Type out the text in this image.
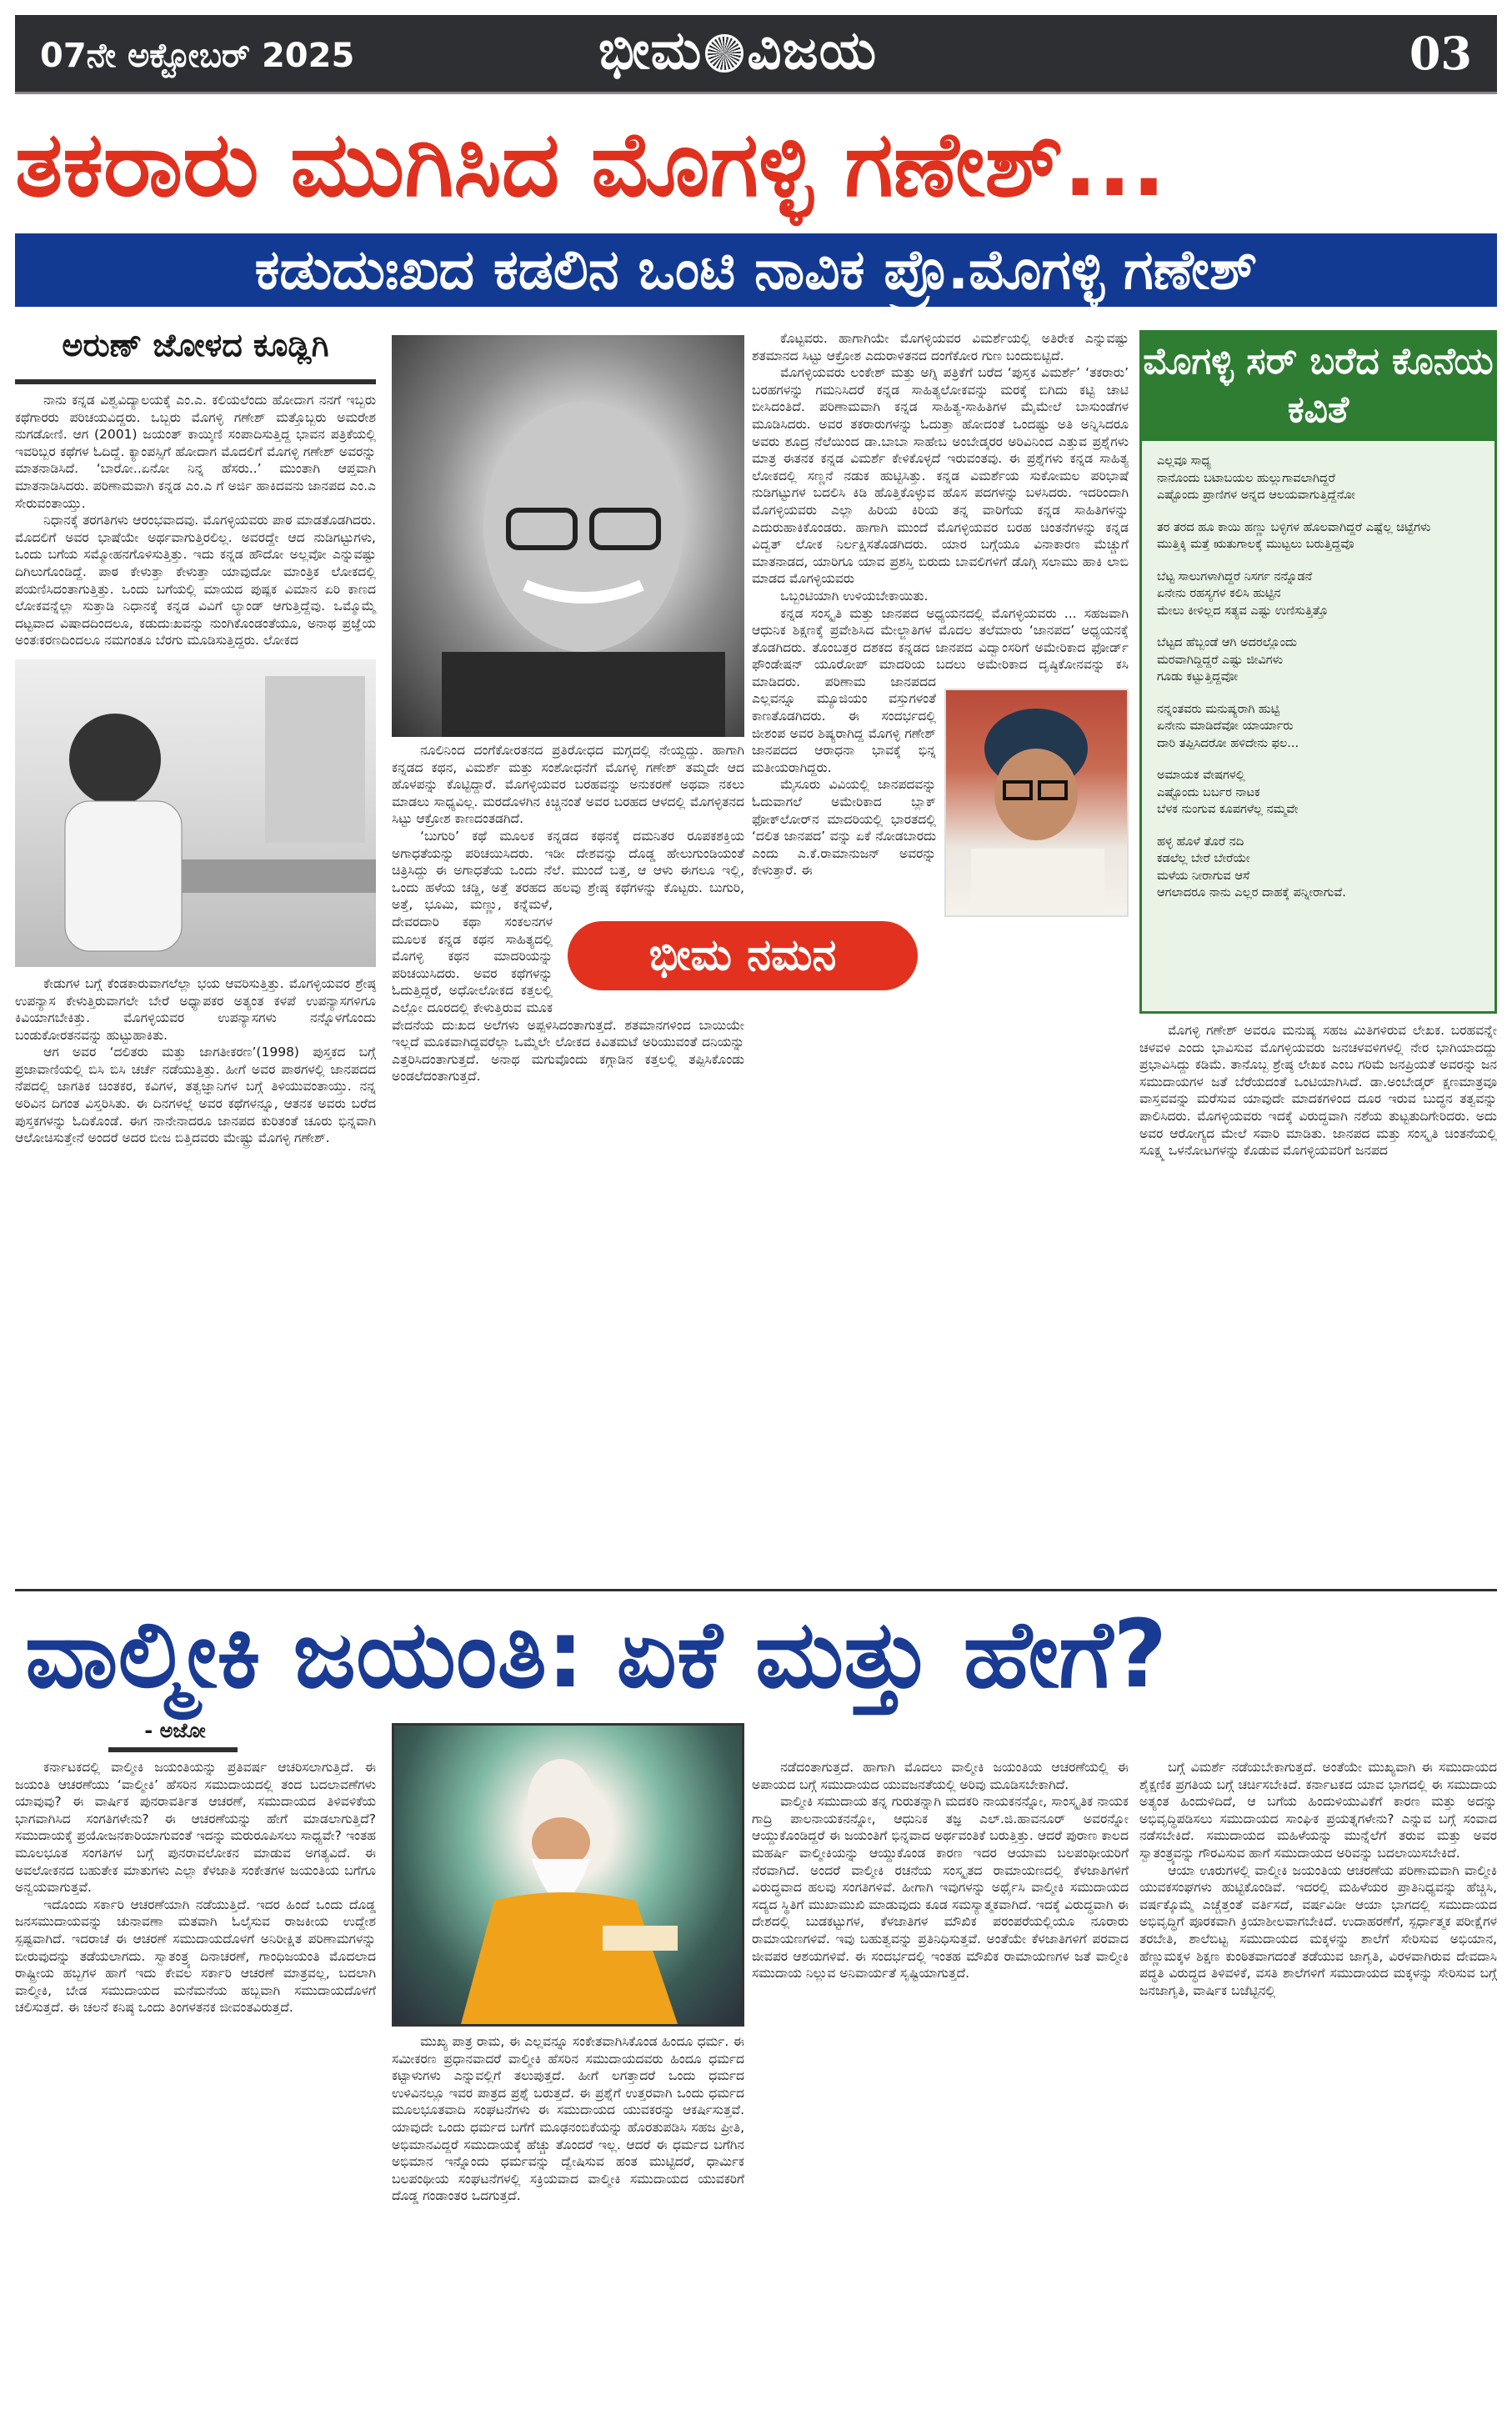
07ನೇ ಅಕ್ಟೋಬರ್ 2025	ಭೀಮ ವಿಜಯ	03
ತಕರಾರು ಮುಗಿಸಿದ ಮೊಗಳ್ಳಿ ಗಣೇಶ್...
ಕಡುದುಃಖದ ಕಡಲಿನ ಒಂಟಿ ನಾವಿಕ ಪ್ರೊ.ಮೊಗಳ್ಳಿ ಗಣೇಶ್
ಅರುಣ್ ಜೋಳದ ಕೂಡ್ಲಿಗಿ

ನಾನು ಕನ್ನಡ ವಿಶ್ವವಿದ್ಯಾಲಯಕ್ಕೆ ಎಂ.ಎ. ಕಲಿಯಲೆಂದು ಹೋದಾಗ ನನಗೆ ಇಬ್ಬರು ಕಥೆಗಾರರು ಪರಿಚಯವಿದ್ದರು. ಒಬ್ಬರು ಮೊಗಳ್ಳಿ ಗಣೇಶ್ ಮತ್ತೊಬ್ಬರು ಅಮರೇಶ ನುಗಡೋಣಿ. ಆಗ (2001) ಜಯಂತ್ ಕಾಯ್ಕಿಣಿ ಸಂಪಾದಿಸುತ್ತಿದ್ದ ಭಾವನ ಪತ್ರಿಕೆಯಲ್ಲಿ ಇವರಿಬ್ಬರ ಕಥೆಗಳ ಓದಿದ್ದೆ. ಕ್ಯಾಂಪಸ್ಸಿಗೆ ಹೋದಾಗ ಮೊದಲಿಗೆ ಮೊಗಳ್ಳಿ ಗಣೇಶ್ ಅವರನ್ನು ಮಾತನಾಡಿಸಿದೆ. ‘ಬಾರೋ..ಏನೋ ನಿನ್ನ ಹೆಸರು..’ ಮುಂತಾಗಿ ಆಪ್ತವಾಗಿ ಮಾತನಾಡಿಸಿದರು. ಪರಿಣಾಮವಾಗಿ ಕನ್ನಡ ಎಂ.ಎ ಗೆ ಅರ್ಜಿ ಹಾಕಿದವನು ಜಾನಪದ ಎಂ.ಎ ಸೇರುವಂತಾಯ್ತು.

ನಿಧಾನಕ್ಕೆ ತರಗತಿಗಳು ಆರಂಭವಾದವು. ಮೊಗಳ್ಳಿಯವರು ಪಾಠ ಮಾಡತೊಡಗಿದರು. ಮೊದಲಿಗೆ ಅವರ ಭಾಷೆಯೇ ಅರ್ಥವಾಗುತ್ತಿರಲಿಲ್ಲ. ಅವರದ್ದೇ ಆದ ನುಡಿಗಟ್ಟುಗಳು, ಒಂದು ಬಗೆಯ ಸಮ್ಮೋಹನಗೊಳಿಸುತ್ತಿತ್ತು. ಇದು ಕನ್ನಡ ಹೌದೋ ಅಲ್ಲವೋ ಎನ್ನುವಷ್ಟು ದಿಗಿಲುಗೊಂಡಿದ್ದೆ. ಪಾಠ ಕೇಳುತ್ತಾ ಕೇಳುತ್ತಾ ಯಾವುದೋ ಮಾಂತ್ರಿಕ ಲೋಕದಲ್ಲಿ ಪಯಣಿಸಿದಂತಾಗುತ್ತಿತ್ತು. ಒಂದು ಬಗೆಯಲ್ಲಿ ಮಾಯದ ಪುಷ್ಪಕ ವಿಮಾನ ಏರಿ ಕಾಣದ ಲೋಕವನ್ನೆಲ್ಲಾ ಸುತ್ತಾಡಿ ನಿಧಾನಕ್ಕೆ ಕನ್ನಡ ವಿವಿಗೆ ಲ್ಯಾಂಡ್ ಆಗುತ್ತಿದ್ದೆವು. ಒಮ್ಮೊಮ್ಮೆ ದಟ್ಟವಾದ ವಿಷಾದದಿಂದಲೂ, ಕಡುದುಃಖವನ್ನು ನುಂಗಿಕೊಂಡಂತೆಯೂ, ಅನಾಥ ಪ್ರಜ್ಞೆಯ ಅಂತಃಕರಣದಿಂದಲೂ ನಮಗಂತೂ ಬೆರಗು ಮೂಡಿಸುತ್ತಿದ್ದರು. ಲೋಕದ

ಕೇಡುಗಳ ಬಗ್ಗೆ ಕೆಂಡಕಾರುವಾಗಲೆಲ್ಲಾ ಭಯ ಆವರಿಸುತ್ತಿತ್ತು. ಮೊಗಳ್ಳಿಯವರ ಶ್ರೇಷ್ಠ ಉಪನ್ಯಾಸ ಕೇಳುತ್ತಿರುವಾಗಲೇ ಬೇರೆ ಅಧ್ಯಾಪಕರ ಅತ್ಯಂತ ಕಳಪೆ ಉಪನ್ಯಾಸಗಳಿಗೂ ಕಿವಿಯಾಗಬೇಕಿತ್ತು. ಮೊಗಳ್ಳಿಯವರ ಉಪನ್ಯಾಸಗಳು ನನ್ನೊಳಗೊಂದು ಬಂಡುಕೋರತನವನ್ನು ಹುಟ್ಟುಹಾಕಿತು.

ಆಗ ಅವರ ‘ದಲಿತರು ಮತ್ತು ಜಾಗತೀಕರಣ’(1998) ಪುಸ್ತಕದ ಬಗ್ಗೆ ಪ್ರಜಾವಾಣಿಯಲ್ಲಿ ಬಿಸಿ ಬಿಸಿ ಚರ್ಚೆ ನಡೆಯುತ್ತಿತ್ತು. ಹೀಗೆ ಅವರ ಪಾಠಗಳಲ್ಲಿ ಜಾನಪದದ ನೆಪದಲ್ಲಿ ಜಾಗತಿಕ ಚಿಂತಕರ, ಕವಿಗಳ, ತತ್ವಜ್ಞಾನಿಗಳ ಬಗ್ಗೆ ತಿಳಿಯುವಂತಾಯ್ತು. ನನ್ನ ಅರಿವಿನ ದಿಗಂತ ವಿಸ್ತರಿಸಿತು. ಈ ದಿನಗಳಲ್ಲೆ ಅವರ ಕಥೆಗಳನ್ನೂ, ಆತನಕ ಅವರು ಬರೆದ ಪುಸ್ತಕಗಳನ್ನು ಓದಿಕೊಂಡೆ. ಈಗ ನಾನೇನಾದರೂ ಜಾನಪದ ಕುರಿತಂತೆ ಚೂರು ಭಿನ್ನವಾಗಿ ಆಲೋಚಿಸುತ್ತೇನೆ ಅಂದರೆ ಅದರ ಬೀಜ ಬಿತ್ತಿದವರು ಮೇಷ್ಟ್ರು ಮೊಗಳ್ಳಿ ಗಣೇಶ್.

ನೂಲಿನಿಂದ ದಂಗೆಕೋರತನದ ಪ್ರತಿರೋಧದ ಮಗ್ಗದಲ್ಲಿ ನೇಯ್ದದ್ದು. ಹಾಗಾಗಿ ಕನ್ನಡದ ಕಥನ, ವಿಮರ್ಶೆ ಮತ್ತು ಸಂಶೋಧನೆಗೆ ಮೊಗಳ್ಳಿ ಗಣೇಶ್ ತಮ್ಮದೇ ಆದ ಹೊಳಪನ್ನು ಕೊಟ್ಟಿದ್ದಾರೆ. ಮೊಗಳ್ಳಿಯವರ ಬರಹವನ್ನು ಅನುಕರಣೆ ಅಥವಾ ನಕಲು ಮಾಡಲು ಸಾಧ್ಯವಿಲ್ಲ. ಮರದೊಳಗಿನ ಕಿಚ್ಚಿನಂತೆ ಅವರ ಬರಹದ ಆಳದಲ್ಲಿ ಮೊಗಳ್ಳಿತನದ ಸಿಟ್ಟು ಆಕ್ರೋಶ ಕಾಣದಂತಡಗಿದೆ.

‘ಬುಗುರಿ’ ಕಥೆ ಮೂಲಕ ಕನ್ನಡದ ಕಥನಕ್ಕೆ ದಮನಿತರ ರೂಪಕಶಕ್ತಿಯ ಅಗಾಧತೆಯನ್ನು ಪರಿಚಯಿಸಿದರು. ಇಡೀ ದೇಶವನ್ನು ದೊಡ್ಡ ಹೇಲುಗುಂಡಿಯಂತೆ ಚಿತ್ರಿಸಿದ್ದು ಈ ಅಗಾಧತೆಯ ಒಂದು ನೆಲೆ. ಮುಂದೆ ಬತ್ತ, ಆ ಆಳು ಈಗಲೂ ಇಲ್ಲಿ, ಒಂದು ಹಳೆಯ ಚಡ್ಡಿ, ಅತ್ತೆ ತರಹದ ಹಲವು ಶ್ರೇಷ್ಠ ಕಥೆಗಳನ್ನು ಕೊಟ್ಟರು. ಬುಗುರಿ, ಅತ್ತೆ, ಭೂಮಿ, ಮಣ್ಣು, ಕನ್ನೆಮಳೆ, ದೇವರದಾರಿ ಕಥಾ ಸಂಕಲನಗಳ ಮೂಲಕ ಕನ್ನಡ ಕಥನ ಸಾಹಿತ್ಯದಲ್ಲಿ ಮೊಗಳ್ಳಿ ಕಥನ ಮಾದರಿಯನ್ನು ಪರಿಚಯಿಸಿದರು. ಅವರ ಕಥೆಗಳನ್ನು ಓದುತ್ತಿದ್ದರೆ, ಅಧೋಲೋಕದ ಕತ್ತಲಲ್ಲಿ ಎಲ್ಲೋ ದೂರದಲ್ಲಿ ಕೇಳುತ್ತಿರುವ ಮೂಕ ವೇದನೆಯ ದುಃಖದ ಅಲೆಗಳು ಅಪ್ಪಳಿಸಿದಂತಾಗುತ್ತದೆ. ಶತಮಾನಗಳಿಂದ ಬಾಯಿಯೇ ಇಲ್ಲದೆ ಮೂಕವಾಗಿದ್ದವರೆಲ್ಲಾ ಒಮ್ಮೆಲೇ ಲೋಕದ ಕಿವಿತಮಟೆ ಅರಿಯುವಂತೆ ದನಿಯನ್ನು ಎತ್ತರಿಸಿದಂತಾಗುತ್ತದೆ. ಅನಾಥ ಮಗುವೊಂದು ಕಗ್ಗಾಡಿನ ಕತ್ತಲಲ್ಲಿ ತಪ್ಪಿಸಿಕೊಂಡು ಅಂಡಲೆದಂತಾಗುತ್ತದೆ.

ಕೊಟ್ಟವರು. ಹಾಗಾಗಿಯೇ ಮೊಗಳ್ಳಿಯವರ ವಿಮರ್ಶೆಯಲ್ಲಿ ಅತಿರೇಕ ಎನ್ನುವಷ್ಟು ಶತಮಾನದ ಸಿಟ್ಟು ಆಕ್ರೋಶ ಎದುರಾಳಿತನದ ದಂಗೆಕೋರ ಗುಣ ಬಂದುಬಿಟ್ಟಿದೆ.

ಮೊಗಳ್ಳಿಯವರು ಲಂಕೇಶ್ ಮತ್ತು ಅಗ್ನಿ ಪತ್ರಿಕೆಗೆ ಬರೆದ ‘ಪುಸ್ತಕ ವಿಮರ್ಶೆ’ ‘ತಕರಾರು’ ಬರಹಗಳನ್ನು ಗಮನಿಸಿದರೆ ಕನ್ನಡ ಸಾಹಿತ್ಯಲೋಕವನ್ನು ಮರಕ್ಕೆ ಬಿಗಿದು ಕಟ್ಟಿ ಚಾಟಿ ಬೀಸಿದಂತಿದೆ. ಪರಿಣಾಮವಾಗಿ ಕನ್ನಡ ಸಾಹಿತ್ಯ-ಸಾಹಿತಿಗಳ ಮೈಮೇಲೆ ಬಾಸುಂಡೆಗಳ ಮೂಡಿಸಿದರು. ಅವರ ತಕರಾರುಗಳನ್ನು ಓದುತ್ತಾ ಹೋದಂತೆ ಒಂದಷ್ಟು ಅತಿ ಅನ್ನಿಸಿದರೂ ಅವರು ಶೂದ್ರ ನೆಲೆಯಿಂದ ಡಾ.ಬಾಬಾ ಸಾಹೇಬ ಅಂಬೇಡ್ಕರರ ಅರಿವಿನಿಂದ ಎತ್ತುವ ಪ್ರಶ್ನೆಗಳು ಮಾತ್ರ ಈತನಕ ಕನ್ನಡ ವಿಮರ್ಶೆ ಕೇಳಿಕೊಳ್ಳದೆ ಇರುವಂತವು. ಈ ಪ್ರಶ್ನೆಗಳು ಕನ್ನಡ ಸಾಹಿತ್ಯ ಲೋಕದಲ್ಲಿ ಸಣ್ಣನೆ ನಡುಕ ಹುಟ್ಟಿಸಿತ್ತು. ಕನ್ನಡ ವಿಮರ್ಶೆಯ ಸುಕೋಮಲ ಪರಿಭಾಷೆ ನುಡಿಗಟ್ಟುಗಳ ಬದಲಿಸಿ ಕಿಡಿ ಹೊತ್ತಿಕೊಳ್ಳುವ ಹೊಸ ಪದಗಳನ್ನು ಬಳಸಿದರು. ಇದರಿಂದಾಗಿ ಮೊಗಳ್ಳಿಯವರು ಎಲ್ಲಾ ಹಿರಿಯ ಕಿರಿಯ ತನ್ನ ವಾರಿಗೆಯ ಕನ್ನಡ ಸಾಹಿತಿಗಳನ್ನು ಎದುರುಹಾಕಿಕೊಂಡರು. ಹಾಗಾಗಿ ಮುಂದೆ ಮೊಗಳ್ಳಿಯವರ ಬರಹ ಚಿಂತನೆಗಳನ್ನು ಕನ್ನಡ ವಿದ್ವತ್ ಲೋಕ ನಿರ್ಲಕ್ಷಿಸತೊಡಗಿದರು. ಯಾರ ಬಗ್ಗೆಯೂ ವಿನಾಕಾರಣ ಮೆಚ್ಚುಗೆ ಮಾತನಾಡದ, ಯಾರಿಗೂ ಯಾವ ಪ್ರಶಸ್ತಿ ಬಿರುದು ಬಾವಲಿಗಳಿಗೆ ಡೊಗ್ಗಿ ಸಲಾಮು ಹಾಕಿ ಲಾಬಿ ಮಾಡದ ಮೊಗಳ್ಳಿಯವರು

ಒಬ್ಬಂಟಿಯಾಗಿ ಉಳಿಯಬೇಕಾಯಿತು.

ಕನ್ನಡ ಸಂಸ್ಕೃತಿ ಮತ್ತು ಜಾನಪದ ಅಧ್ಯಯನದಲ್ಲಿ ಮೊಗಳ್ಳಿಯವರು ... ಸಹಜವಾಗಿ ಆಧುನಿಕ ಶಿಕ್ಷಣಕ್ಕೆ ಪ್ರವೇಶಿಸಿದ ಮೇಲ್ಜಾತಿಗಳ ಮೊದಲ ತಲೆಮಾರು ‘ಜಾನಪದ’ ಅಧ್ಯಯನಕ್ಕೆ ತೊಡಗಿದರು. ತೊಂಬತ್ತರ ದಶಕದ ಕನ್ನಡದ ಜಾನಪದ ವಿದ್ವಾಂಸರಿಗೆ ಅಮೇರಿಕಾದ ಫೋರ್ಡ್ ಫೌಂಡೇಷನ್ ಯೂರೋಪ್ ಮಾದರಿಯ ಬದಲು ಅಮೇರಿಕಾದ ದೃಷ್ಠಿಕೋನವನ್ನು ಕಸಿ ಮಾಡಿದರು. ಪರಿಣಾಮ ಜಾನಪದದ ಎಲ್ಲವನ್ನೂ ಮ್ಯೂಜಿಯಂ ವಸ್ತುಗಳಂತೆ ಕಾಣತೊಡಗಿದರು. ಈ ಸಂದರ್ಭದಲ್ಲಿ ಜೀಶಂಪ ಅವರ ಶಿಷ್ಯರಾಗಿದ್ದ ಮೊಗಳ್ಳಿ ಗಣೇಶ್ ಜಾನಪದದ ಆರಾಧನಾ ಭಾವಕ್ಕೆ ಭಿನ್ನ ಮತೀಯರಾಗಿದ್ದರು.

ಮೈಸೂರು ವಿವಿಯಲ್ಲಿ ಜಾನಪದವನ್ನು ಓದುವಾಗಲೆ ಅಮೇರಿಕಾದ ಬ್ಲಾಕ್ ಫೋಕ್‌ಲೋರ್‌ನ ಮಾದರಿಯಲ್ಲಿ ಭಾರತದಲ್ಲಿ ‘ದಲಿತ ಜಾನಪದ’ ವನ್ನು ಏಕೆ ನೋಡಬಾರದು ಎಂದು ಎ.ಕೆ.ರಾಮಾನುಜನ್ ಅವರನ್ನು ಕೇಳುತ್ತಾರೆ. ಈ

ಭೀಮ ನಮನ
ಮೊಗಳ್ಳಿ ಸರ್ ಬರೆದ ಕೊನೆಯ ಕವಿತೆ
ಎಲ್ಲವೂ ಸಾಧ್ಯ
ನಾನೊಂದು ಬಟಾಬಯಲ ಹುಲ್ಲುಗಾವಲಾಗಿದ್ದರೆ
ಎಷ್ಟೊಂದು ಪ್ರಾಣಿಗಳ ಅನ್ನದ ಆಲಯವಾಗುತ್ತಿದ್ದೆನೋ
ತರ ತರದ ಹೂ ಕಾಯಿ ಹಣ್ಣು ಬಳ್ಳಿಗಳ ಹೊಲವಾಗಿದ್ದರೆ ಎಷ್ಟೆಲ್ಲ ಚಿಟ್ಟೆಗಳು
ಮುತ್ತಿಕ್ಕಿ ಮತ್ತೆ ಋತುಗಾಲಕ್ಕೆ ಮುಟ್ಟಲು ಬರುತ್ತಿದ್ದವೊ
ಬೆಟ್ಟ ಸಾಲುಗಳಾಗಿದ್ದರೆ ನಿಸರ್ಗ ನನ್ನೊಡನೆ
ಏನೇನು ರಹಸ್ಯಗಳ ಕಲಿಸಿ ಹುಟ್ಟಿನ
ಮೇಲು ಕೀಳಿಲ್ಲದ ಸತ್ಯವ ಎಷ್ಟು ಉಣಿಸುತ್ತಿತ್ತೊ
ಬೆಟ್ಟದ ಹೆಬ್ಬಂಡೆ ಆಗಿ ಅದರಲ್ಲೊಂದು
ಮರವಾಗಿದ್ದಿದ್ದರೆ ಎಷ್ಟು ಜೀವಿಗಳು
ಗೂಡು ಕಟ್ಟುತ್ತಿದ್ದವೋ
ನನ್ನಂತವರು ಮನುಷ್ಯರಾಗಿ ಹುಟ್ಟಿ
ಏನೇನು ಮಾಡಿದೆವೋ ಯಾರ್ಯಾರು
ದಾರಿ ತಪ್ಪಿಸಿದರೋ ಹಳಿದೇನು ಫಲ...
ಅಮಾಯಕ ವೇಷಗಳಲ್ಲಿ
ಎಷ್ಟೊಂದು ಬರ್ಬರ ನಾಟಕ
ಬೆಳಕ ನುಂಗುವ ಕೂಪಗಳೆಲ್ಲ ನಮ್ಮವೇ
ಹಳ್ಳ ಹೊಳೆ ತೊರೆ ನದಿ
ಕಡಲೆಲ್ಲ ಬೇರೆ ಬೇರೆಯೇ
ಮಳೆಯ ನೀರಾಗುವ ಆಸೆ
ಆಗಲಾದರೂ ನಾನು ಎಲ್ಲರ ದಾಹಕ್ಕೆ ಪನ್ನೀರಾಗುವೆ.

ಮೊಗಳ್ಳಿ ಗಣೇಶ್ ಅವರೂ ಮನುಷ್ಯ ಸಹಜ ಮಿತಿಗಳಿರುವ ಲೇಖಕ. ಬರಹವನ್ನೇ ಚಳವಳಿ ಎಂದು ಭಾವಿಸುವ ಮೊಗಳ್ಳಿಯವರು ಜನಚಳವಳಿಗಳಲ್ಲಿ ನೇರ ಭಾಗಿಯಾದದ್ದು ಪ್ರಭಾವಿಸಿದ್ದು ಕಡಿಮೆ. ತಾನೊಬ್ಬ ಶ್ರೇಷ್ಠ ಲೇಖಕ ಎಂಬ ಗರಿಮೆ ಜನಪ್ರಿಯತೆ ಅವರನ್ನು ಜನ ಸಮುದಾಯಗಳ ಜತೆ ಬೆರೆಯದಂತೆ ಒಂಟಿಯಾಗಿಸಿದೆ. ಡಾ.ಅಂಬೇಡ್ಕರ್ ಕ್ಷಣಮಾತ್ರವೂ ವಾಸ್ತವವನ್ನು ಮರೆಸುವ ಯಾವುದೇ ಮಾದಕಗಳಿಂದ ದೂರ ಇರುವ ಬುದ್ಧನ ತತ್ವವನ್ನು ಪಾಲಿಸಿದರು. ಮೊಗಳ್ಳಿಯವರು ಇದಕ್ಕೆ ವಿರುದ್ಧವಾಗಿ ನಶೆಯ ತುಟ್ಟತುದಿಗೇರಿದರು. ಅದು ಅವರ ಆರೋಗ್ಯದ ಮೇಲೆ ಸವಾರಿ ಮಾಡಿತು. ಜಾನಪದ ಮತ್ತು ಸಂಸ್ಕೃತಿ ಚಿಂತನೆಯಲ್ಲಿ ಸೂಕ್ಷ್ಮ ಒಳನೋಟಗಳನ್ನು ಕೊಡುವ ಮೊಗಳ್ಳಿಯವರಿಗೆ ಜನಪದ

ವಾಲ್ಮೀಕಿ ಜಯಂತಿ: ಏಕೆ ಮತ್ತು ಹೇಗೆ?
- ಅಜೋ

ಕರ್ನಾಟಕದಲ್ಲಿ ವಾಲ್ಮೀಕಿ ಜಯಂತಿಯನ್ನು ಪ್ರತಿವರ್ಷ ಆಚರಿಸಲಾಗುತ್ತಿದೆ. ಈ ಜಯಂತಿ ಆಚರಣೆಯು ‘ವಾಲ್ಮೀಕಿ’ ಹೆಸರಿನ ಸಮುದಾಯದಲ್ಲಿ ತಂದ ಬದಲಾವಣೆಗಳು ಯಾವುವು? ಈ ವಾರ್ಷಿಕ ಪುನರಾವರ್ತಿತ ಆಚರಣೆ, ಸಮುದಾಯದ ತಿಳಿವಳಿಕೆಯ ಭಾಗವಾಗಿಸಿದ ಸಂಗತಿಗಳೇನು? ಈ ಆಚರಣೆಯನ್ನು ಹೇಗೆ ಮಾಡಲಾಗುತ್ತಿದೆ? ಸಮುದಾಯಕ್ಕೆ ಪ್ರಯೋಜನಕಾರಿಯಾಗುವಂತೆ ಇದನ್ನು ಮರುರೂಪಿಸಲು ಸಾಧ್ಯವೇ? ಇಂತಹ ಮೂಲಭೂತ ಸಂಗತಿಗಳ ಬಗ್ಗೆ ಪುನರಾವಲೋಕನ ಮಾಡುವ ಅಗತ್ಯವಿದೆ. ಈ ಅವಲೋಕನದ ಬಹುತೇಕ ಮಾತುಗಳು ಎಲ್ಲಾ ಕೆಳಜಾತಿ ಸಂಕೇತಗಳ ಜಯಂತಿಯ ಬಗೆಗೂ ಅನ್ವಯವಾಗುತ್ತವೆ.

ಇದೊಂದು ಸರ್ಕಾರಿ ಆಚರಣೆಯಾಗಿ ನಡೆಯುತ್ತಿದೆ. ಇದರ ಹಿಂದೆ ಒಂದು ದೊಡ್ಡ ಜನಸಮುದಾಯವನ್ನು ಚುನಾವಣಾ ಮತವಾಗಿ ಓಲೈಸುವ ರಾಜಕೀಯ ಉದ್ದೇಶ ಸ್ಪಷ್ಟವಾಗಿದೆ. ಇದರಾಚೆ ಈ ಆಚರಣೆ ಸಮುದಾಯದೊಳಗೆ ಅನಿರೀಕ್ಷಿತ ಪರಿಣಾಮಗಳನ್ನು ಬೀರುವುದನ್ನು ತಡೆಯಲಾಗದು. ಸ್ವಾತಂತ್ರ್ಯ ದಿನಾಚರಣೆ, ಗಾಂಧಿಜಯಂತಿ ಮೊದಲಾದ ರಾಷ್ಟ್ರೀಯ ಹಬ್ಬಗಳ ಹಾಗೆ ಇದು ಕೇವಲ ಸರ್ಕಾರಿ ಆಚರಣೆ ಮಾತ್ರವಲ್ಲ, ಬದಲಾಗಿ ವಾಲ್ಮೀಕಿ, ಬೇಡ ಸಮುದಾಯದ ಮನೆಮನೆಯ ಹಬ್ಬವಾಗಿ ಸಮುದಾಯದೊಳಗೆ ಚಲಿಸುತ್ತದೆ. ಈ ಚಲನೆ ಕನಿಷ್ಠ ಒಂದು ತಿಂಗಳತನಕ ಜೀವಂತವಿರುತ್ತದೆ.

ಮುಖ್ಯ ಪಾತ್ರ ರಾಮ, ಈ ಎಲ್ಲವನ್ನೂ ಸಂಕೇತವಾಗಿಸಿಕೊಂಡ ಹಿಂದೂ ಧರ್ಮ. ಈ ಸಮೀಕರಣ ಪ್ರಧಾನವಾದರೆ ವಾಲ್ಮೀಕಿ ಹೆಸರಿನ ಸಮುದಾಯದವರು ಹಿಂದೂ ಧರ್ಮದ ಕಟ್ಟಾಳುಗಳು ಎನ್ನುವಲ್ಲಿಗೆ ತಲುಪುತ್ತದೆ. ಹೀಗೆ ಲಗತ್ತಾದರೆ ಒಂದು ಧರ್ಮದ ಉಳಿವಿನಲ್ಲೂ ಇವರ ಪಾತ್ರದ ಪ್ರಶ್ನೆ ಬರುತ್ತದೆ. ಈ ಪ್ರಶ್ನೆಗೆ ಉತ್ತರವಾಗಿ ಒಂದು ಧರ್ಮದ ಮೂಲಭೂತವಾದಿ ಸಂಘಟನೆಗಳು ಈ ಸಮುದಾಯದ ಯುವಕರನ್ನು ಆಕರ್ಷಿಸುತ್ತವೆ. ಯಾವುದೇ ಒಂದು ಧರ್ಮದ ಬಗೆಗೆ ಮೂಢನಂಬಿಕೆಯನ್ನು ಹೊರತುಪಡಿಸಿ ಸಹಜ ಪ್ರೀತಿ, ಅಭಿಮಾನವಿದ್ದರೆ ಸಮುದಾಯಕ್ಕೆ ಹೆಚ್ಚು ತೊಂದರೆ ಇಲ್ಲ. ಆದರೆ ಈ ಧರ್ಮದ ಬಗೆಗಿನ ಅಭಿಮಾನ ಇನ್ನೊಂದು ಧರ್ಮವನ್ನು ದ್ವೇಷಿಸುವ ಹಂತ ಮುಟ್ಟಿದರೆ, ಧಾರ್ಮಿಕ ಬಲಪಂಥೀಯ ಸಂಘಟನೆಗಳಲ್ಲಿ ಸಕ್ರಿಯವಾದ ವಾಲ್ಮೀಕಿ ಸಮುದಾಯದ ಯುವಕರಿಗೆ ದೊಡ್ಡ ಗಂಡಾಂತರ ಒದಗುತ್ತದೆ.

ನಡೆದಂತಾಗುತ್ತದೆ. ಹಾಗಾಗಿ ಮೊದಲು ವಾಲ್ಮೀಕಿ ಜಯಂತಿಯ ಆಚರಣೆಯಲ್ಲಿ ಈ ಅಪಾಯದ ಬಗ್ಗೆ ಸಮುದಾಯದ ಯುವಜನತೆಯಲ್ಲಿ ಅರಿವು ಮೂಡಿಸಬೇಕಾಗಿದೆ.

ವಾಲ್ಮೀಕಿ ಸಮುದಾಯ ತನ್ನ ಗುರುತನ್ನಾಗಿ ಮದಕರಿ ನಾಯಕನನ್ನೋ, ಸಾಂಸ್ಕೃತಿಕ ನಾಯಕ ಗಾದ್ರಿ ಪಾಲನಾಯಕನನ್ನೋ, ಆಧುನಿಕ ತಜ್ಞ ಎಲ್.ಜಿ.ಹಾವನೂರ್ ಅವರನ್ನೋ ಆಯ್ದುಕೊಂಡಿದ್ದರೆ ಈ ಜಯಂತಿಗೆ ಭಿನ್ನವಾದ ಅರ್ಥವಂತಿಕೆ ಬರುತ್ತಿತ್ತು. ಆದರೆ ಪುರಾಣ ಕಾಲದ ಮಹರ್ಷಿ ವಾಲ್ಮೀಕಿಯನ್ನು ಆಯ್ದುಕೊಂಡ ಕಾರಣ ಇದರ ಆಯಾಮ ಬಲಪಂಥೀಯರಿಗೆ ನೆರವಾಗಿದೆ. ಅಂದರೆ ವಾಲ್ಮೀಕಿ ರಚನೆಯ ಸಂಸ್ಕೃತದ ರಾಮಾಯಣದಲ್ಲಿ ಕೆಳಜಾತಿಗಳಿಗೆ ವಿರುದ್ಧವಾದ ಹಲವು ಸಂಗತಿಗಳಿವೆ. ಹೀಗಾಗಿ ಇವುಗಳನ್ನು ಅರ್ಥೈಸಿ ವಾಲ್ಮೀಕಿ ಸಮುದಾಯದ ಸದ್ಯದ ಸ್ಥಿತಿಗೆ ಮುಖಾಮುಖಿ ಮಾಡುವುದು ಕೂಡ ಸಮಸ್ಯಾತ್ಮಕವಾಗಿದೆ. ಇದಕ್ಕೆ ವಿರುದ್ಧವಾಗಿ ಈ ದೇಶದಲ್ಲಿ ಬುಡಕಟ್ಟುಗಳ, ಕೆಳಜಾತಿಗಳ ಮೌಖಿಕ ಪರಂಪರೆಯಲ್ಲಿಯೂ ನೂರಾರು ರಾಮಾಯಣಗಳಿವೆ. ಇವು ಬಹುತ್ವವನ್ನು ಪ್ರತಿನಿಧಿಸುತ್ತವೆ. ಅಂತೆಯೇ ಕೆಳಜಾತಿಗಳಿಗೆ ಪರವಾದ ಜೀವಪರ ಆಶಯಗಳಿವೆ. ಈ ಸಂದರ್ಭದಲ್ಲಿ ಇಂತಹ ಮೌಖಿಕ ರಾಮಾಯಣಗಳ ಜತೆ ವಾಲ್ಮೀಕಿ ಸಮುದಾಯ ನಿಲ್ಲುವ ಅನಿವಾರ್ಯತೆ ಸೃಷ್ಟಿಯಾಗುತ್ತದೆ.

ಬಗ್ಗೆ ವಿಮರ್ಶೆ ನಡೆಯಬೇಕಾಗುತ್ತದೆ. ಅಂತೆಯೇ ಮುಖ್ಯವಾಗಿ ಈ ಸಮುದಾಯದ ಶೈಕ್ಷಣಿಕ ಪ್ರಗತಿಯ ಬಗ್ಗೆ ಚರ್ಚಿಸಬೇಕಿದೆ. ಕರ್ನಾಟಕದ ಯಾವ ಭಾಗದಲ್ಲಿ ಈ ಸಮುದಾಯ ಅತ್ಯಂತ ಹಿಂದುಳಿದಿದೆ, ಆ ಬಗೆಯ ಹಿಂದುಳಿಯುವಿಕೆಗೆ ಕಾರಣ ಮತ್ತು ಅದನ್ನು ಅಭಿವೃದ್ಧಿಪಡಿಸಲು ಸಮುದಾಯದ ಸಾಂಘಿಕ ಪ್ರಯತ್ನಗಳೇನು? ಎನ್ನುವ ಬಗ್ಗೆ ಸಂವಾದ ನಡೆಸಬೇಕಿದೆ. ಸಮುದಾಯದ ಮಹಿಳೆಯನ್ನು ಮುನ್ನೆಲೆಗೆ ತರುವ ಮತ್ತು ಅವರ ಸ್ವಾತಂತ್ರ್ಯವನ್ನು ಗೌರವಿಸುವ ಹಾಗೆ ಸಮುದಾಯದ ಅರಿವನ್ನು ಬದಲಾಯಿಸಬೇಕಿದೆ.

ಆಯಾ ಊರುಗಳಲ್ಲಿ ವಾಲ್ಮೀಕಿ ಜಯಂತಿಯ ಆಚರಣೆಯ ಪರಿಣಾಮವಾಗಿ ವಾಲ್ಮೀಕಿ ಯುವಕಸಂಘಗಳು ಹುಟ್ಟಿಕೊಂಡಿವೆ. ಇದರಲ್ಲಿ ಮಹಿಳೆಯರ ಪ್ರಾತಿನಿಧ್ಯವನ್ನು ಹೆಚ್ಚಿಸಿ, ವರ್ಷಕ್ಕೊಮ್ಮೆ ಎಚ್ಚೆತ್ತಂತೆ ವರ್ತಿಸದೆ, ವರ್ಷವಿಡೀ ಆಯಾ ಭಾಗದಲ್ಲಿ ಸಮುದಾಯದ ಅಭಿವೃದ್ಧಿಗೆ ಪೂರಕವಾಗಿ ಕ್ರಿಯಾಶೀಲವಾಗಬೇಕಿದೆ. ಉದಾಹರಣೆಗೆ, ಸ್ಪರ್ಧಾತ್ಮಕ ಪರೀಕ್ಷೆಗಳ ತರಬೇತಿ, ಶಾಲೆಬಿಟ್ಟ ಸಮುದಾಯದ ಮಕ್ಕಳನ್ನು ಶಾಲೆಗೆ ಸೇರಿಸುವ ಅಭಿಯಾನ, ಹೆಣ್ಣುಮಕ್ಕಳ ಶಿಕ್ಷಣ ಕುಂಠಿತವಾಗದಂತೆ ತಡೆಯುವ ಜಾಗೃತಿ, ವಿರಳವಾಗಿರುವ ದೇವದಾಸಿ ಪದ್ಧತಿ ವಿರುದ್ಧದ ತಿಳಿವಳಿಕೆ, ವಸತಿ ಶಾಲೆಗಳಿಗೆ ಸಮುದಾಯದ ಮಕ್ಕಳನ್ನು ಸೇರಿಸುವ ಬಗ್ಗೆ ಜನಜಾಗೃತಿ, ವಾರ್ಷಿಕ ಬಜೆಟ್ಟಿನಲ್ಲಿ
